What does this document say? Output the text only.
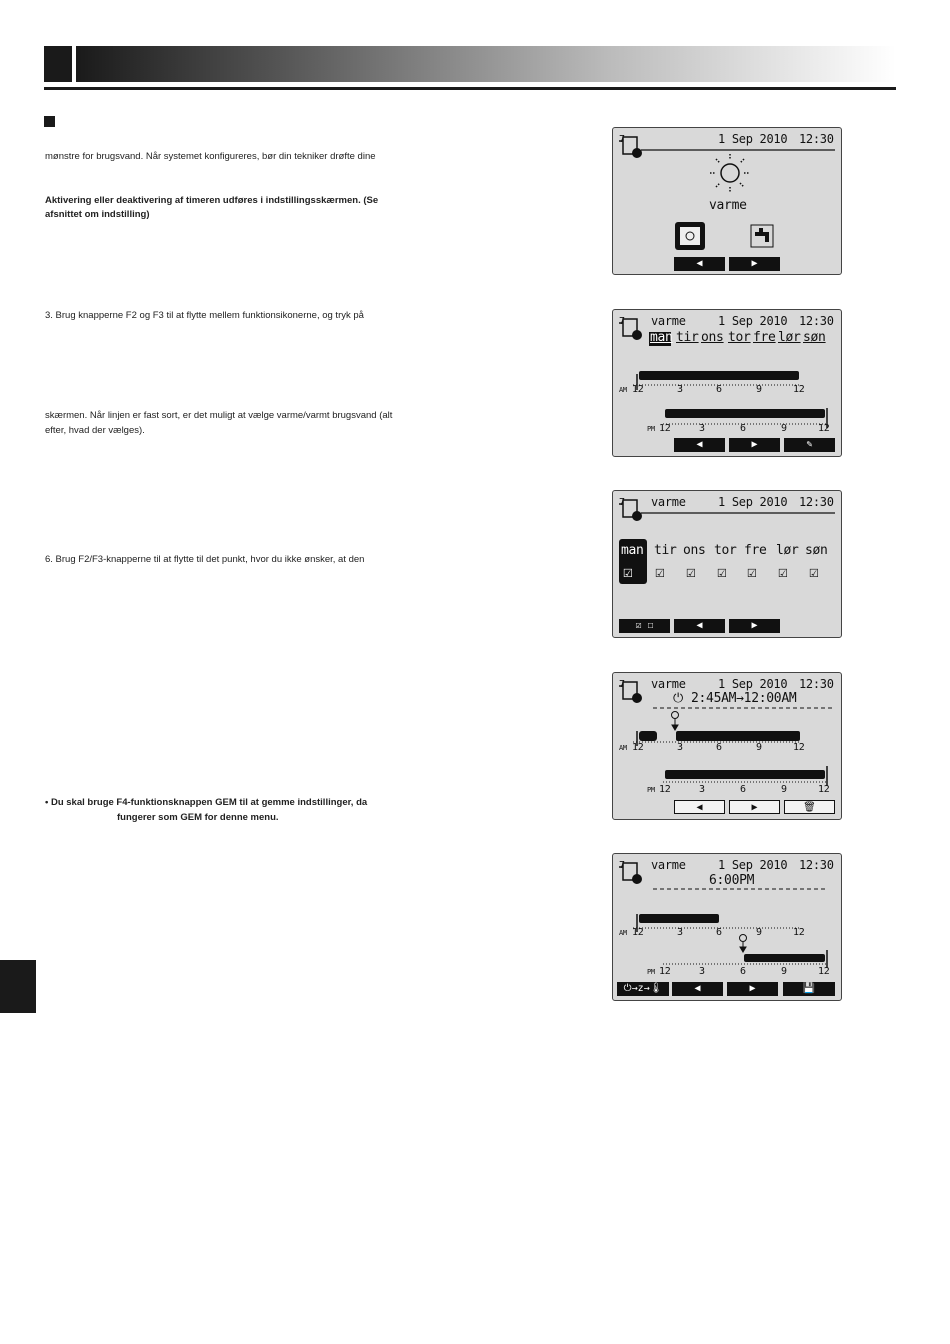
mønstre for brugsvand. Når systemet konfigureres, bør din tekniker drøfte dine
Aktivering eller deaktivering af timeren udføres i indstillingsskærmen. (Se
afsnittet om indstilling)
3. Brug knapperne F2 og F3 til at flytte mellem funktionsikonerne, og tryk på
skærmen. Når linjen er fast sort, er det muligt at vælge varme/varmt brugsvand (alt
efter, hvad der vælges).
6. Brug F2/F3-knapperne til at flytte til det punkt, hvor du ikke ønsker, at den
• Du skal bruge F4-funktionsknappen GEM til at gemme indstillinger, da
fungerer som GEM for denne menu.
1 Sep 2010 12:30
7
varme
◀	▶
varme	1 Sep 2010 12:30
7
man tir ons tor fre lør søn
AM 12	3	6	9	12
PM 12	3	6	9	12
◀	▶	✎
varme	1 Sep 2010 12:30
7
man tir ons tor fre lør søn
☑ ☑ ☑ ☑ ☑ ☑ ☑
☑ ☐	◀	▶
varme	1 Sep 2010 12:30
7
⏻ 2:45AM→12:00AM
AM 12	3	6	9	12
PM 12	3	6	9	12
◀	▶	🗑
varme	1 Sep 2010 12:30
7
6:00PM
AM 12	3	6	9	12
PM 12	3	6	9	12
⏻→z→🌡	◀	▶	💾
